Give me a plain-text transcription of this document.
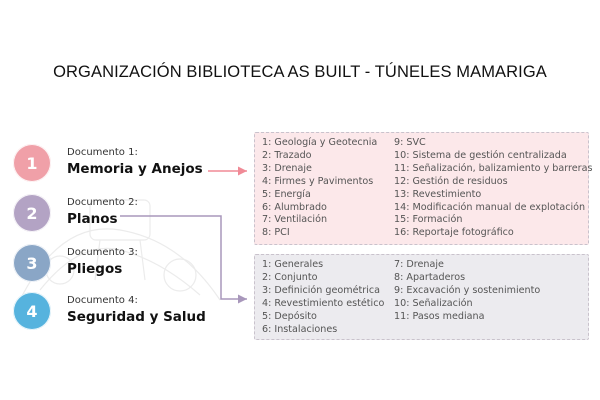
ORGANIZACIÓN BIBLIOTECA AS BUILT - TÚNELES MAMARIGA
1
Documento 1:
Memoria y Anejos
2
Documento 2:
Planos
3
Documento 3:
Pliegos
4
Documento 4:
Seguridad y Salud
1: Geología y Geotecnia
2: Trazado
3: Drenaje
4: Firmes y Pavimentos
5: Energía
6: Alumbrado
7: Ventilación
8: PCI
9: SVC
10: Sistema de gestión centralizada
11: Señalización, balizamiento y barreras
12: Gestión de residuos
13: Revestimiento
14: Modificación manual de explotación
15: Formación
16: Reportaje fotográfico
1: Generales
2: Conjunto
3: Definición geométrica
4: Revestimiento estético
5: Depósito
6: Instalaciones
7: Drenaje
8: Apartaderos
9: Excavación y sostenimiento
10: Señalización
11: Pasos mediana
